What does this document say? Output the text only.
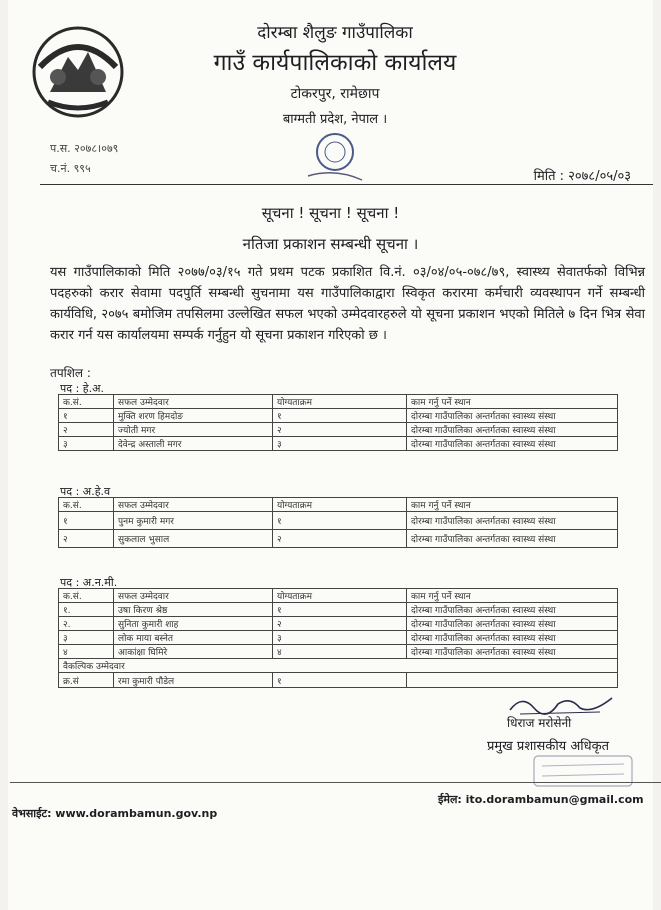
दोरम्बा शैलुङ गाउँपालिका
गाउँ कार्यपालिकाको कार्यालय
टोकरपुर, रामेछाप
बाग्मती प्रदेश, नेपाल ।
प.स. २०७८।०७९
च.नं. ९९५
मिति : २०७८/०५/०३
सूचना ! सूचना ! सूचना !
नतिजा प्रकाशन सम्बन्धी सूचना ।
यस गाउँपालिकाको मिति २०७७/०३/१५ गते प्रथम पटक प्रकाशित वि.नं. ०३/०४/०५-०७८/७९, स्वास्थ्य सेवातर्फको विभिन्न पदहरुको करार सेवामा पदपुर्ति सम्बन्धी सुचनामा यस गाउँपालिकाद्वारा स्विकृत करारमा कर्मचारी व्यवस्थापन गर्ने सम्बन्धी कार्यविधि, २०७५ बमोजिम तपसिलमा उल्लेखित सफल भएको उम्मेदवारहरुले यो सूचना प्रकाशन भएको मितिले ७ दिन भित्र सेवा करार गर्न यस कार्यालयमा सम्पर्क गर्नुहुन यो सूचना प्रकाशन गरिएको छ ।
तपशिल :
पद : हे.अ.
क.सं.	सफल उम्मेदवार	योग्यताक्रम	काम गर्नु पर्ने स्थान
१	मुक्ति शरण हिमदोङ	१	दोरम्बा गाउँपालिका अन्तर्गतका स्वास्थ्य संस्था
२	ज्योती मगर	२	दोरम्बा गाउँपालिका अन्तर्गतका स्वास्थ्य संस्था
३	देवेन्द्र अस्ताली मगर	३	दोरम्बा गाउँपालिका अन्तर्गतका स्वास्थ्य संस्था
पद : अ.हे.व
क.सं.	सफल उम्मेदवार	योग्यताक्रम	काम गर्नु पर्ने स्थान
१	पुनम कुमारी मगर	१	दोरम्बा गाउँपालिका अन्तर्गतका स्वास्थ्य संस्था
२	सुकलाल भुसाल	२	दोरम्बा गाउँपालिका अन्तर्गतका स्वास्थ्य संस्था
पद : अ.न.मी.
क.सं.	सफल उम्मेदवार	योग्यताक्रम	काम गर्नु पर्ने स्थान
१.	उषा किरण श्रेष्ठ	१	दोरम्बा गाउँपालिका अन्तर्गतका स्वास्थ्य संस्था
२.	सुनिता कुमारी शाह	२	दोरम्बा गाउँपालिका अन्तर्गतका स्वास्थ्य संस्था
३	लोक माया बस्नेत	३	दोरम्बा गाउँपालिका अन्तर्गतका स्वास्थ्य संस्था
४	आकांक्षा घिमिरे	४	दोरम्बा गाउँपालिका अन्तर्गतका स्वास्थ्य संस्था
वैकल्पिक उम्मेदवार			
क्र.सं	रमा कुमारी पौडेल	१	
धिराज मरोसेनी
प्रमुख प्रशासकीय अधिकृत
ईमेल: ito.dorambamun@gmail.com
वेभसाईट: www.dorambamun.gov.np
